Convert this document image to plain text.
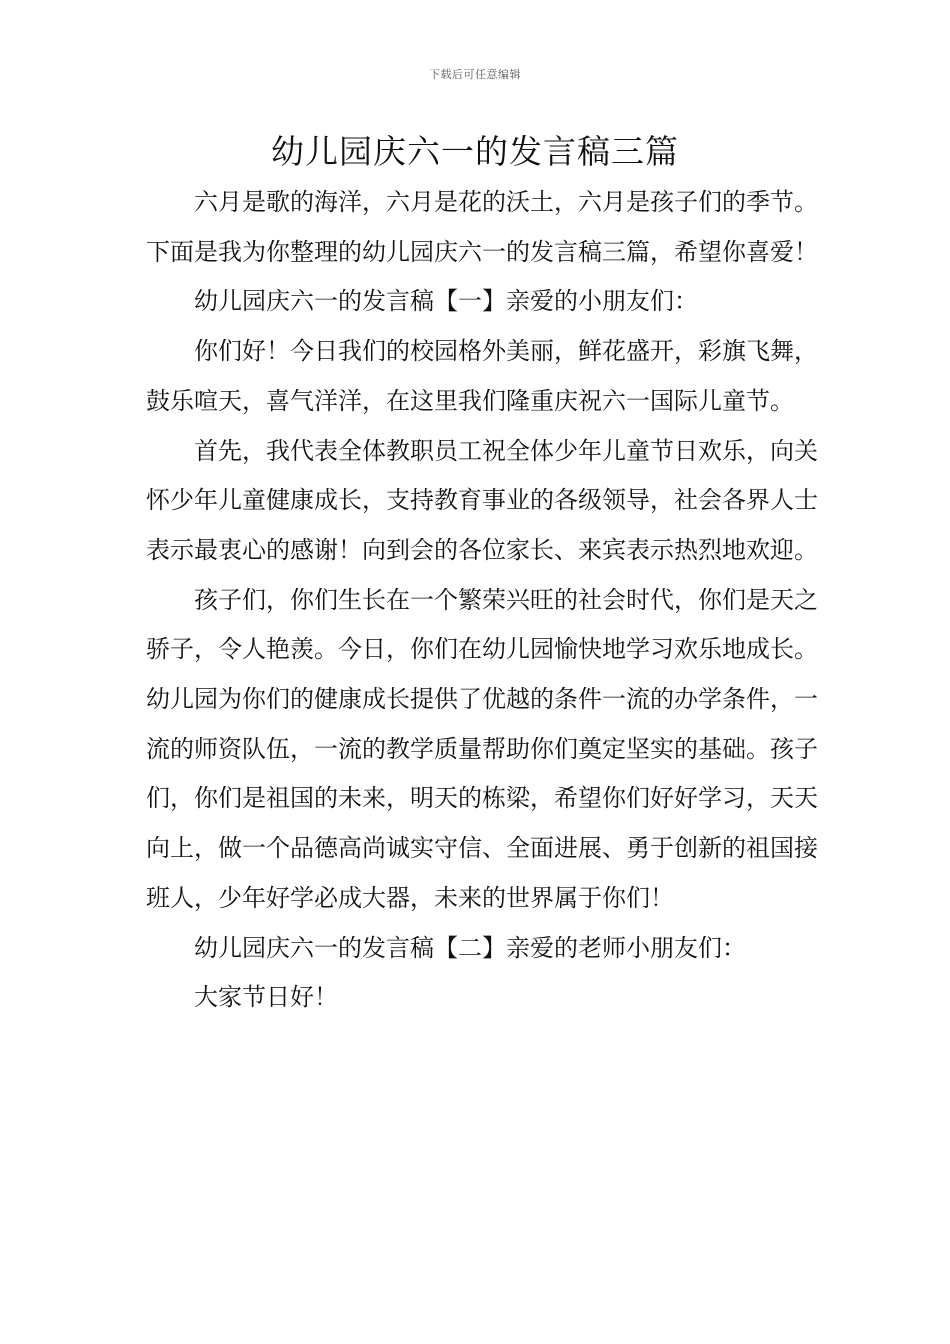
下载后可任意编辑
幼儿园庆六一的发言稿三篇

六月是歌的海洋，六月是花的沃土，六月是孩子们的季节。下面是我为你整理的幼儿园庆六一的发言稿三篇，希望你喜爱！

幼儿园庆六一的发言稿【一】亲爱的小朋友们：

你们好！今日我们的校园格外美丽，鲜花盛开，彩旗飞舞，鼓乐喧天，喜气洋洋，在这里我们隆重庆祝六一国际儿童节。

首先，我代表全体教职员工祝全体少年儿童节日欢乐，向关怀少年儿童健康成长，支持教育事业的各级领导，社会各界人士表示最衷心的感谢！向到会的各位家长、来宾表示热烈地欢迎。

孩子们，你们生长在一个繁荣兴旺的社会时代，你们是天之骄子，令人艳羡。今日，你们在幼儿园愉快地学习欢乐地成长。幼儿园为你们的健康成长提供了优越的条件一流的办学条件，一流的师资队伍，一流的教学质量帮助你们奠定坚实的基础。孩子们，你们是祖国的未来，明天的栋梁，希望你们好好学习，天天向上，做一个品德高尚诚实守信、全面进展、勇于创新的祖国接班人，少年好学必成大器，未来的世界属于你们！

幼儿园庆六一的发言稿【二】亲爱的老师小朋友们：

大家节日好！
